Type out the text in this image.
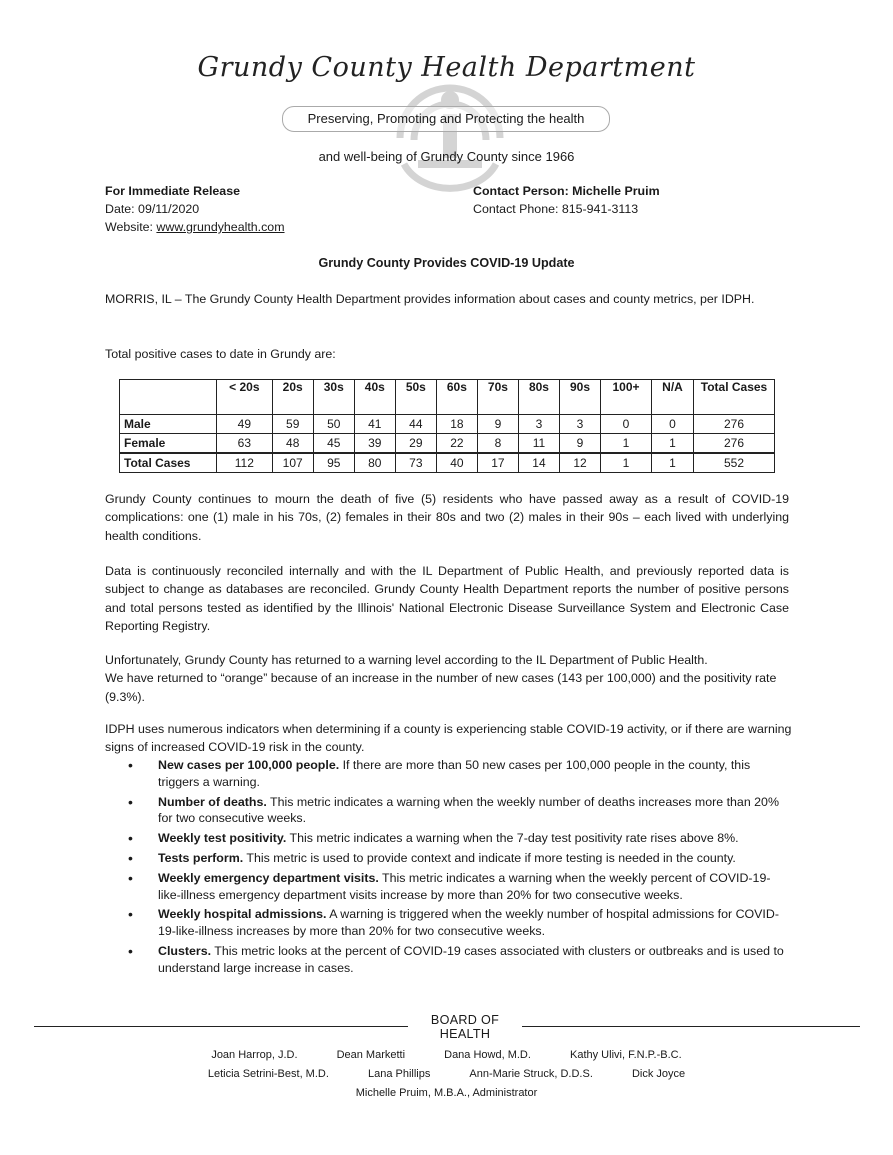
Grundy County Health Department
Preserving, Promoting and Protecting the health
and well-being of Grundy County since 1966
For Immediate Release
Date: 09/11/2020
Website: www.grundyhealth.com
Contact Person: Michelle Pruim
Contact Phone: 815-941-3113
Grundy County Provides COVID-19 Update
MORRIS, IL – The Grundy County Health Department provides information about cases and county metrics, per IDPH.
Total positive cases to date in Grundy are:
	< 20s	20s	30s	40s	50s	60s	70s	80s	90s	100+	N/A	Total Cases
Male	49	59	50	41	44	18	9	3	3	0	0	276
Female	63	48	45	39	29	22	8	11	9	1	1	276
Total Cases	112	107	95	80	73	40	17	14	12	1	1	552
Grundy County continues to mourn the death of five (5) residents who have passed away as a result of COVID-19 complications: one (1) male in his 70s, (2) females in their 80s and two (2) males in their 90s – each lived with underlying health conditions.
Data is continuously reconciled internally and with the IL Department of Public Health, and previously reported data is subject to change as databases are reconciled. Grundy County Health Department reports the number of positive persons and total persons tested as identified by the Illinois' National Electronic Disease Surveillance System and Electronic Case Reporting Registry.
Unfortunately, Grundy County has returned to a warning level according to the IL Department of Public Health.
We have returned to “orange” because of an increase in the number of new cases (143 per 100,000) and the positivity rate (9.3%).
IDPH uses numerous indicators when determining if a county is experiencing stable COVID-19 activity, or if there are warning signs of increased COVID-19 risk in the county.
• New cases per 100,000 people. If there are more than 50 new cases per 100,000 people in the county, this triggers a warning.
• Number of deaths. This metric indicates a warning when the weekly number of deaths increases more than 20% for two consecutive weeks.
• Weekly test positivity. This metric indicates a warning when the 7-day test positivity rate rises above 8%.
• Tests perform. This metric is used to provide context and indicate if more testing is needed in the county.
• Weekly emergency department visits. This metric indicates a warning when the weekly percent of COVID-19-like-illness emergency department visits increase by more than 20% for two consecutive weeks.
• Weekly hospital admissions. A warning is triggered when the weekly number of hospital admissions for COVID-19-like-illness increases by more than 20% for two consecutive weeks.
• Clusters. This metric looks at the percent of COVID-19 cases associated with clusters or outbreaks and is used to understand large increase in cases.
BOARD OF HEALTH
Joan Harrop, J.D.	Dean Marketti	Dana Howd, M.D.	Kathy Ulivi, F.N.P.-B.C.
Leticia Setrini-Best, M.D.	Lana Phillips	Ann-Marie Struck, D.D.S.	Dick Joyce
Michelle Pruim, M.B.A., Administrator
